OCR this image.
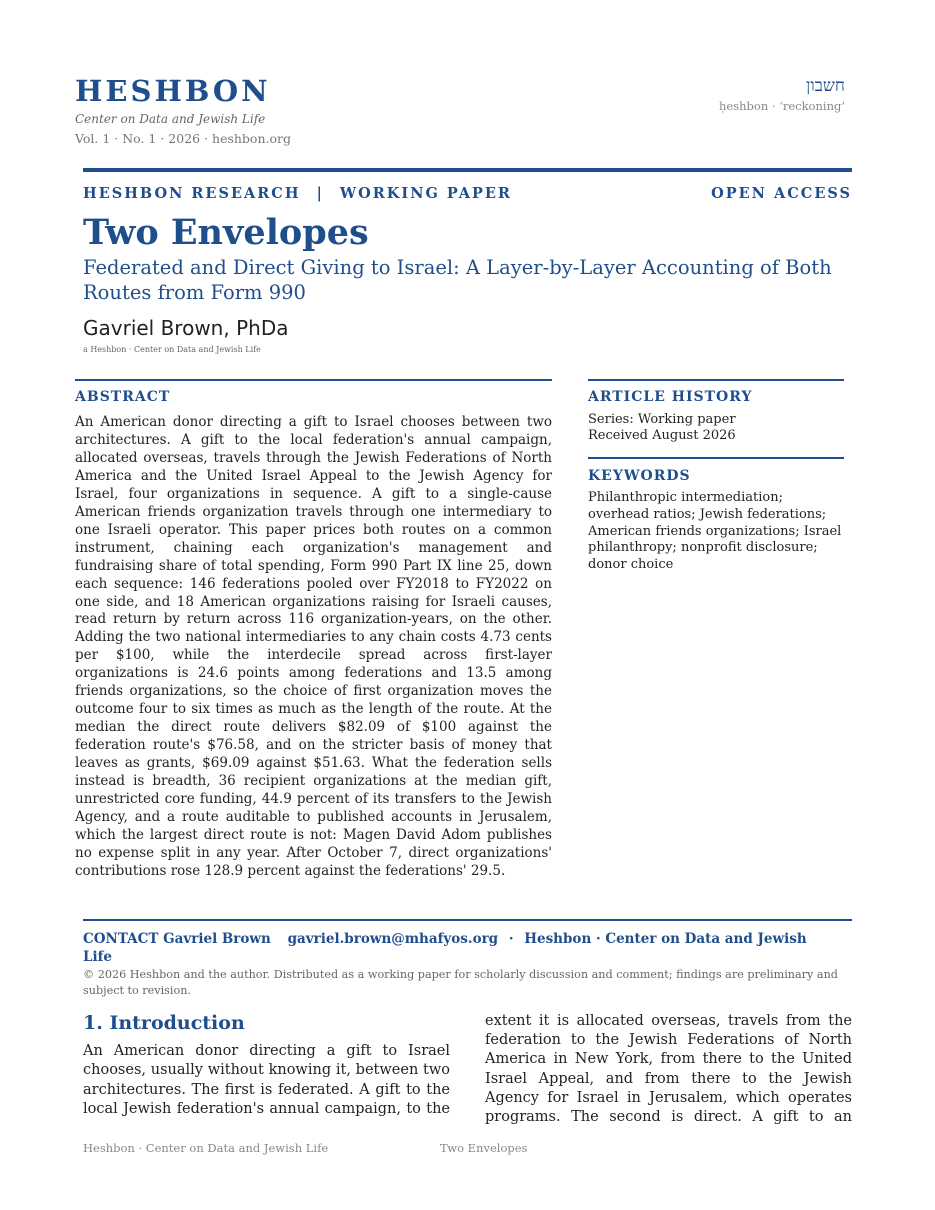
HESHBON
Center on Data and Jewish Life
Vol. 1 · No. 1 · 2026 · heshbon.org
חשבון
ḥeshbon · ‘reckoning’
HESHBON RESEARCH | WORKING PAPER	OPEN ACCESS
Two Envelopes

Federated and Direct Giving to Israel: A Layer-by-Layer Accounting of Both Routes from Form 990

Gavriel Brown, PhDa
a Heshbon · Center on Data and Jewish Life
ABSTRACT

An American donor directing a gift to Israel chooses between two architectures. A gift to the local federation's annual campaign, allocated overseas, travels through the Jewish Federations of North America and the United Israel Appeal to the Jewish Agency for Israel, four organizations in sequence. A gift to a single-cause American friends organization travels through one intermediary to one Israeli operator. This paper prices both routes on a common instrument, chaining each organization's management and fundraising share of total spending, Form 990 Part IX line 25, down each sequence: 146 federations pooled over FY2018 to FY2022 on one side, and 18 American organizations raising for Israeli causes, read return by return across 116 organization-years, on the other. Adding the two national intermediaries to any chain costs 4.73 cents per $100, while the interdecile spread across first-layer organizations is 24.6 points among federations and 13.5 among friends organizations, so the choice of first organization moves the outcome four to six times as much as the length of the route. At the median the direct route delivers $82.09 of $100 against the federation route's $76.58, and on the stricter basis of money that leaves as grants, $69.09 against $51.63. What the federation sells instead is breadth, 36 recipient organizations at the median gift, unrestricted core funding, 44.9 percent of its transfers to the Jewish Agency, and a route auditable to published accounts in Jerusalem, which the largest direct route is not: Magen David Adom publishes no expense split in any year. After October 7, direct organizations' contributions rose 128.9 percent against the federations' 29.5.

ARTICLE HISTORY
Series: Working paper
Received August 2026
KEYWORDS

Philanthropic intermediation; overhead ratios; Jewish federations; American friends organizations; Israel philanthropy; nonprofit disclosure; donor choice

CONTACT Gavriel Brown gavriel.brown@mhafyos.org · Heshbon · Center on Data and Jewish Life
© 2026 Heshbon and the author. Distributed as a working paper for scholarly discussion and comment; findings are preliminary and subject to revision.
1. Introduction

An American donor directing a gift to Israel chooses, usually without knowing it, between two architectures. The first is federated. A gift to the local Jewish federation's annual campaign, to the

extent it is allocated overseas, travels from the federation to the Jewish Federations of North America in New York, from there to the United Israel Appeal, and from there to the Jewish Agency for Israel in Jerusalem, which operates programs. The second is direct. A gift to an

Heshbon · Center on Data and Jewish Life	Two Envelopes
